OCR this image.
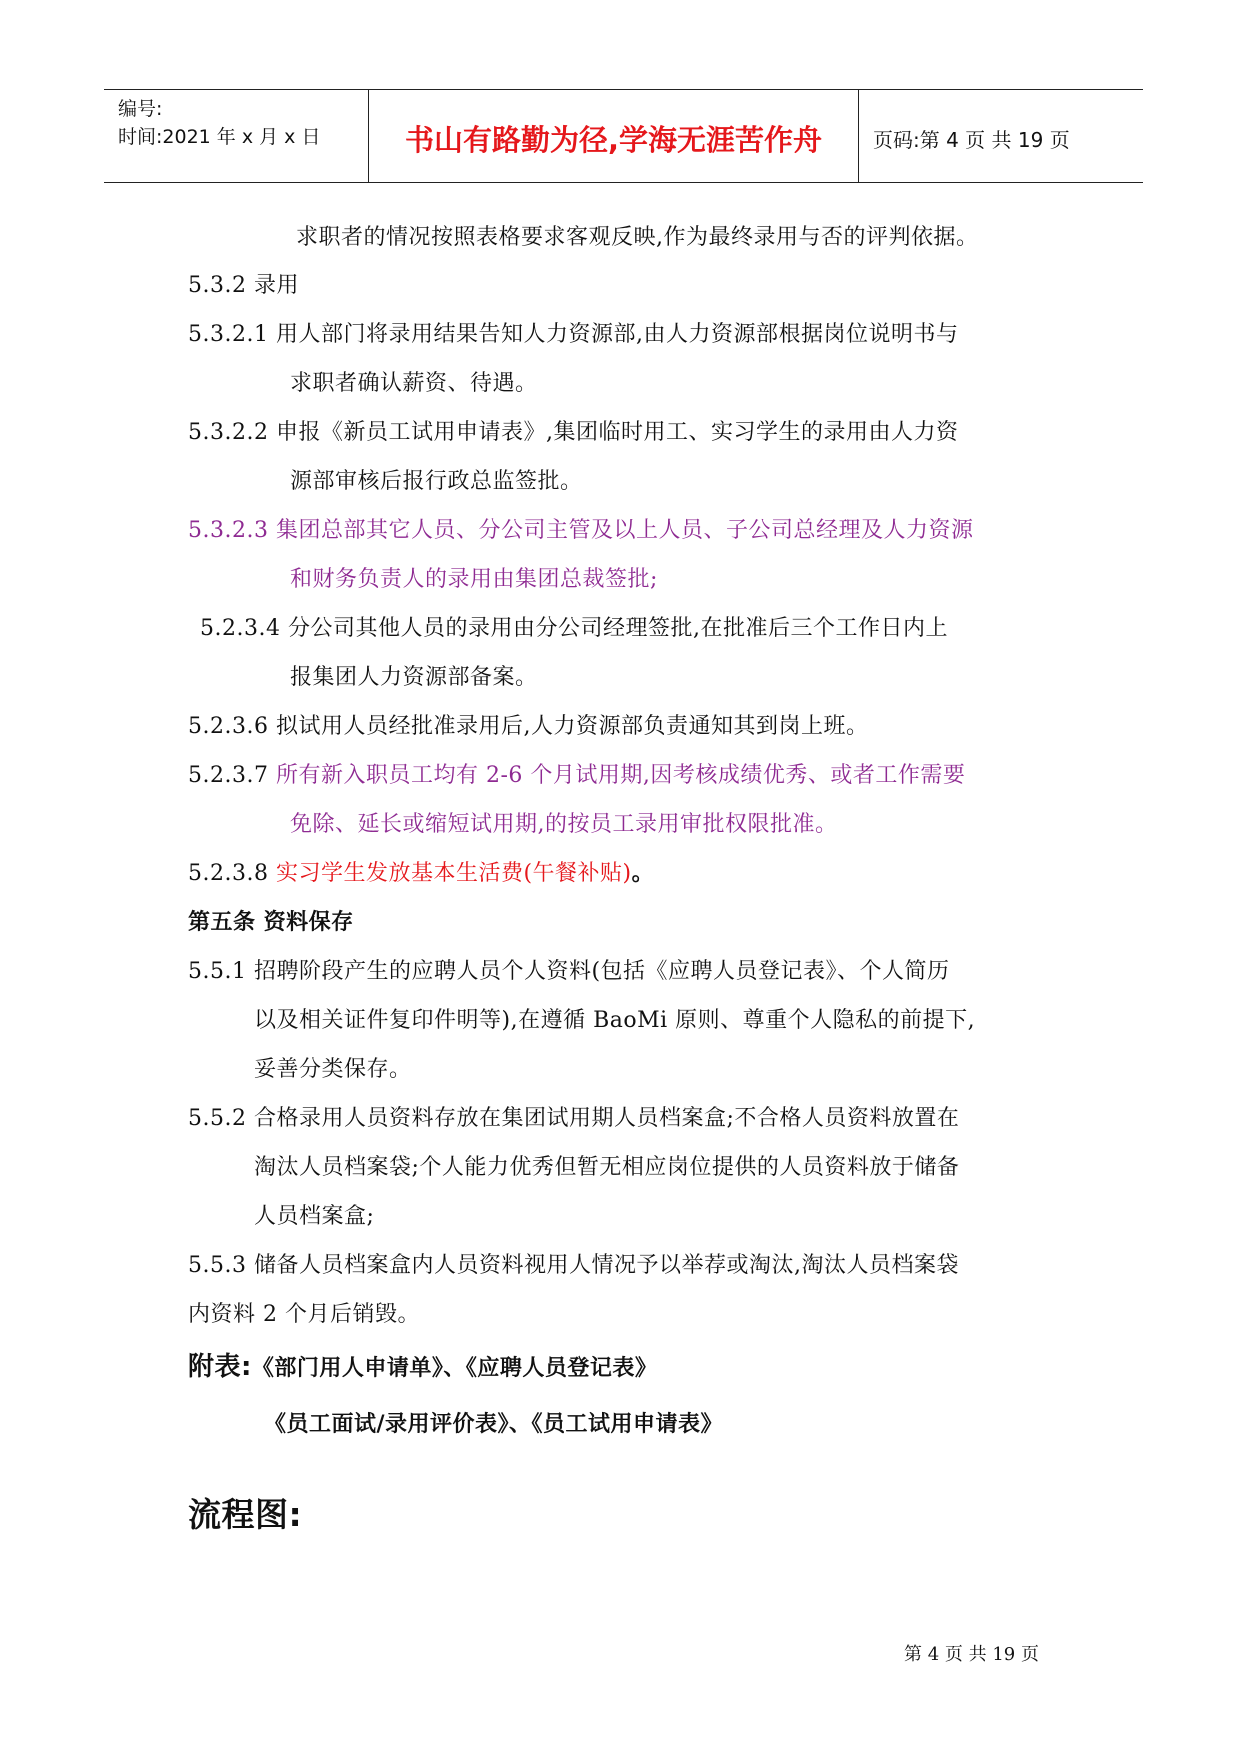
编号:
时间:2021 年 x 月 x 日	书山有路勤为径,学海无涯苦作舟	页码:第 4 页 共 19 页
求职者的情况按照表格要求客观反映,作为最终录用与否的评判依据。
5.3.2 录用
5.3.2.1 用人部门将录用结果告知人力资源部,由人力资源部根据岗位说明书与
求职者确认薪资、待遇。
5.3.2.2 申报《新员工试用申请表》,集团临时用工、实习学生的录用由人力资
源部审核后报行政总监签批。
5.3.2.3 集团总部其它人员、分公司主管及以上人员、子公司总经理及人力资源
和财务负责人的录用由集团总裁签批;
5.2.3.4 分公司其他人员的录用由分公司经理签批,在批准后三个工作日内上
报集团人力资源部备案。
5.2.3.6 拟试用人员经批准录用后,人力资源部负责通知其到岗上班。
5.2.3.7 所有新入职员工均有 2-6 个月试用期,因考核成绩优秀、或者工作需要
免除、延长或缩短试用期,的按员工录用审批权限批准。
5.2.3.8 实习学生发放基本生活费(午餐补贴)。
第五条 资料保存
5.5.1 招聘阶段产生的应聘人员个人资料(包括《应聘人员登记表》、个人简历
以及相关证件复印件明等),在遵循 BaoMi 原则、尊重个人隐私的前提下,
妥善分类保存。
5.5.2 合格录用人员资料存放在集团试用期人员档案盒;不合格人员资料放置在
淘汰人员档案袋;个人能力优秀但暂无相应岗位提供的人员资料放于储备
人员档案盒;
5.5.3 储备人员档案盒内人员资料视用人情况予以举荐或淘汰,淘汰人员档案袋
内资料 2 个月后销毁。
附表:《部门用人申请单》、《应聘人员登记表》
《员工面试/录用评价表》、《员工试用申请表》
流程图:
第 4 页 共 19 页
